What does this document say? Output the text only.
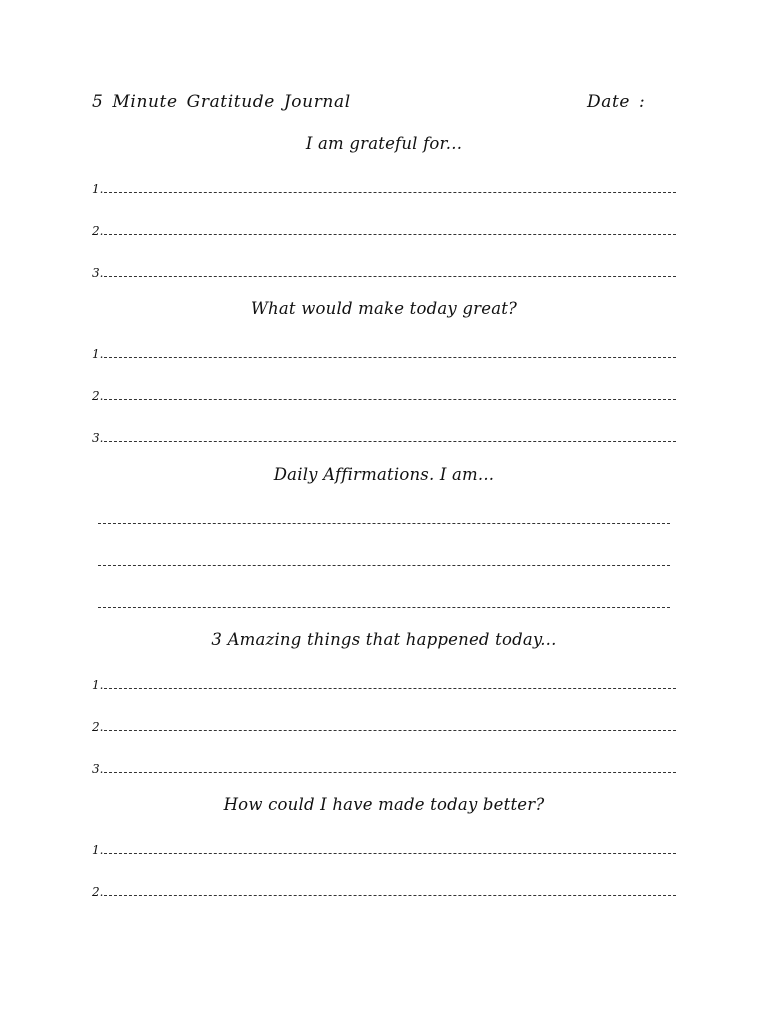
5 Minute Gratitude Journal	Date :
I am grateful for...
1.
2.
3.
What would make today great?
1.
2.
3.
Daily Affirmations. I am...
3 Amazing things that happened today...
1.
2.
3.
How could I have made today better?
1.
2.
